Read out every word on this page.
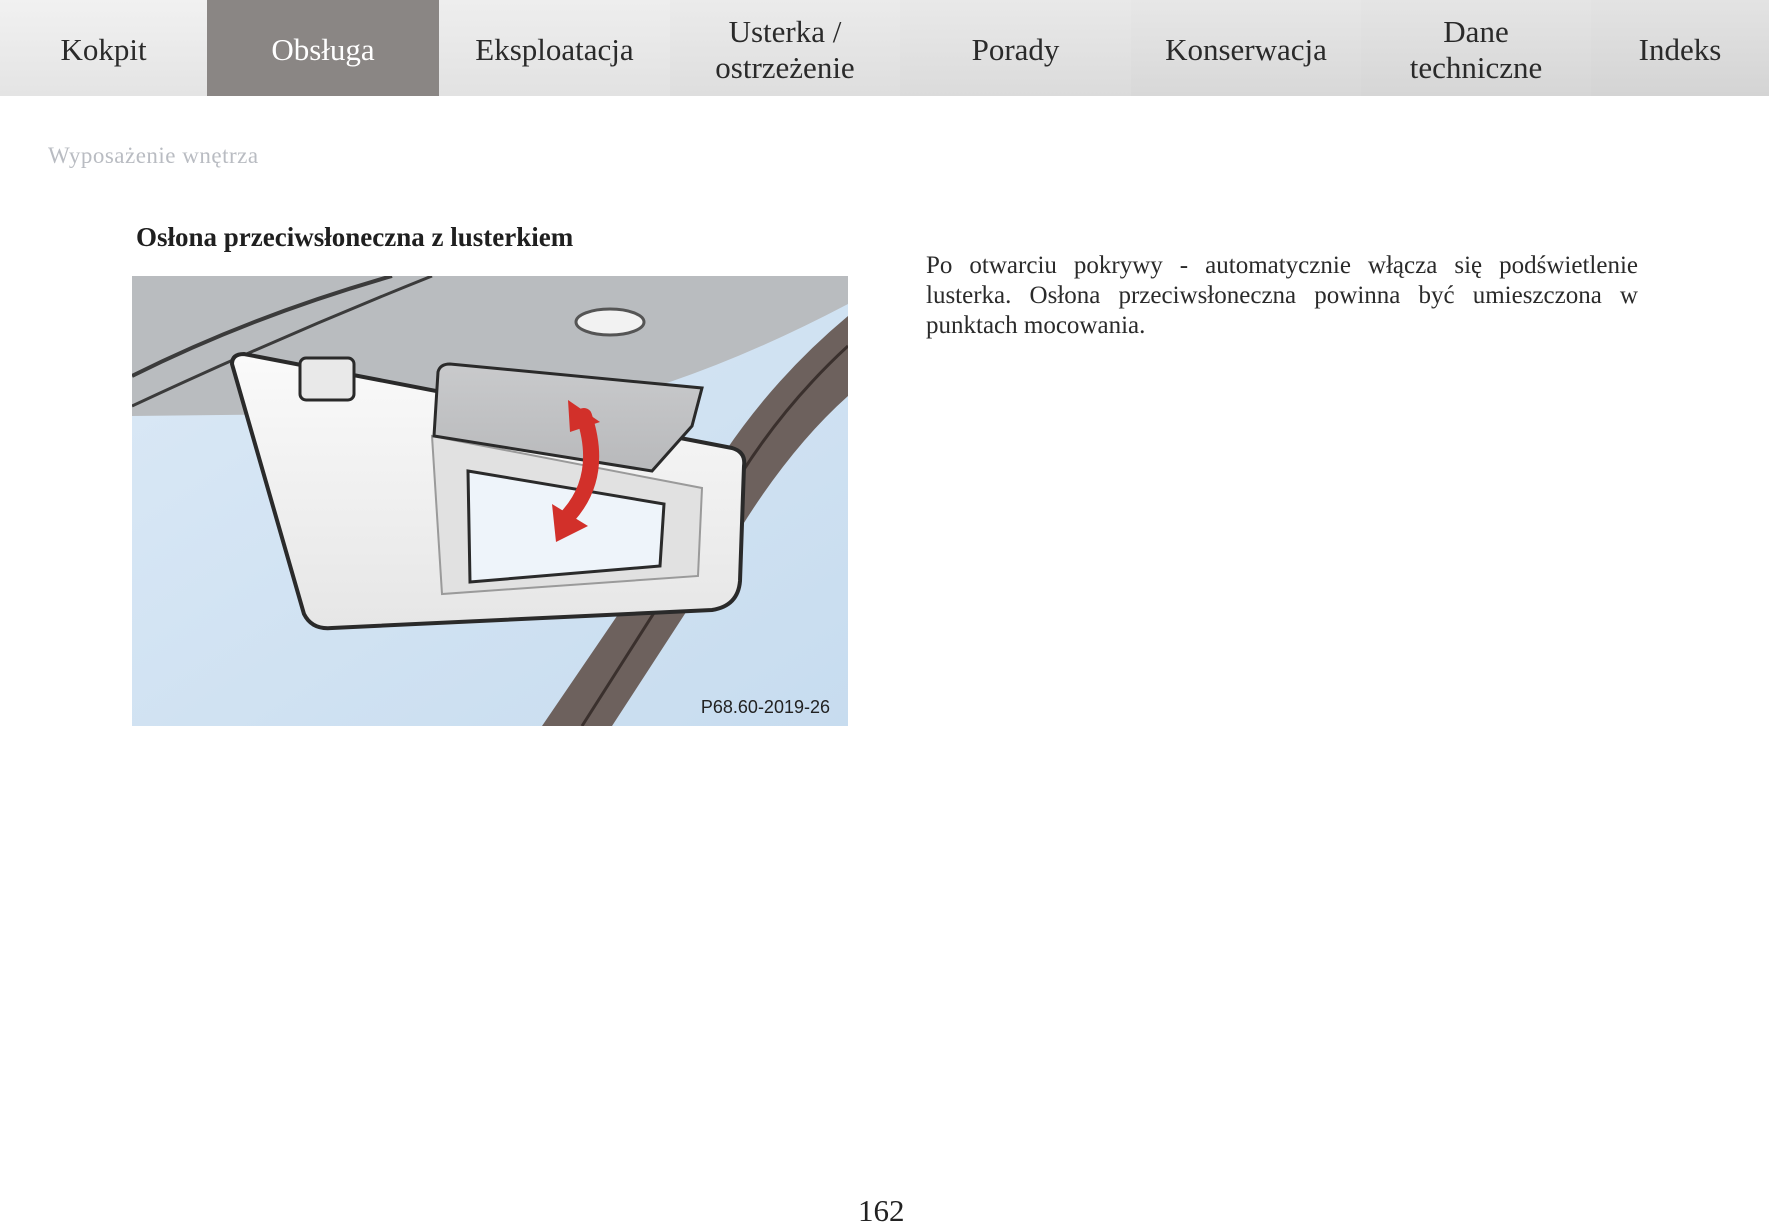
Kokpit	Obsługa	Eksploatacja
Usterka /
ostrzeżenie
Porady	Konserwacja
Dane
techniczne
Indeks
Wyposażenie wnętrza
Osłona przeciwsłoneczna z lusterkiem
P68.60-2019-26

Po otwarciu pokrywy - automatycznie włącza się podświetlenie lusterka. Osłona przeciwsłoneczna powinna być umieszczona w punktach mocowania.

162
